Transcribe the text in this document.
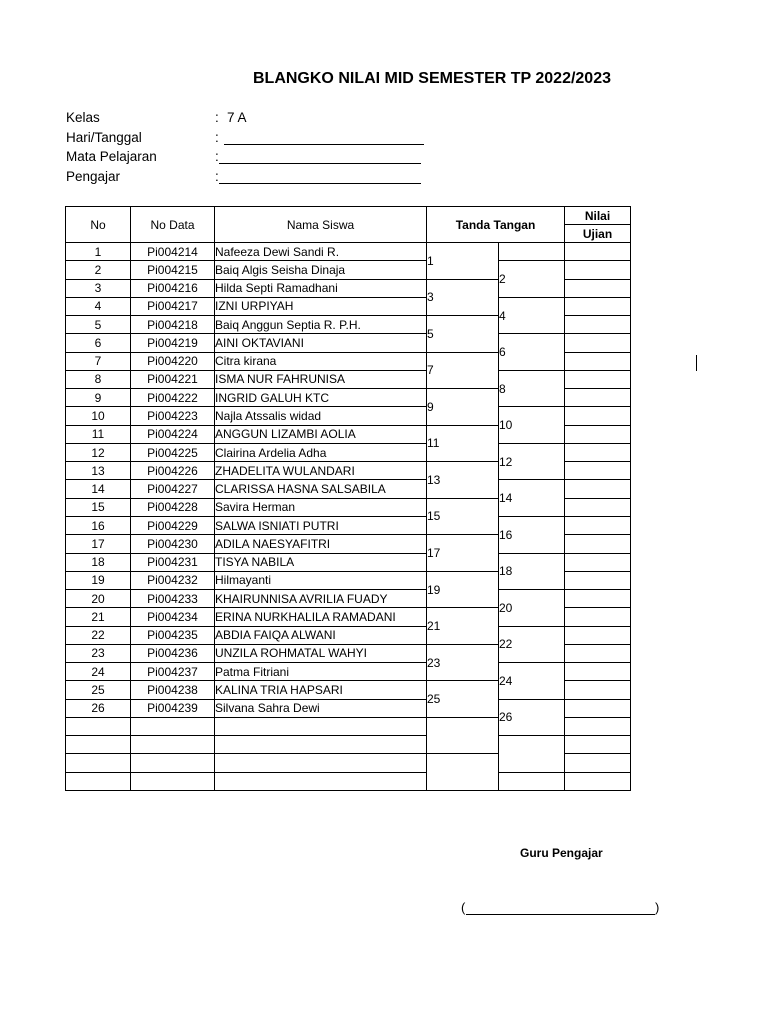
BLANGKO NILAI MID SEMESTER TP 2022/2023
Kelas	: 7 A
Hari/Tanggal	:
Mata Pelajaran	:
Pengajar	:
No	No Data	Nama Siswa	Tanda Tangan		Nilai
					Ujian
1	Pi004214	Nafeeza Dewi Sandi R.	1		
2	Pi004215	Baiq Algis Seisha Dinaja		2	
3	Pi004216	Hilda Septi Ramadhani	3		
4	Pi004217	IZNI URPIYAH		4	
5	Pi004218	Baiq Anggun Septia R. P.H.	5		
6	Pi004219	AINI OKTAVIANI		6	
7	Pi004220	Citra kirana	7		
8	Pi004221	ISMA NUR FAHRUNISA		8	
9	Pi004222	INGRID GALUH KTC	9		
10	Pi004223	Najla Atssalis widad		10	
11	Pi004224	ANGGUN LIZAMBI AOLIA	11		
12	Pi004225	Clairina Ardelia Adha		12	
13	Pi004226	ZHADELITA WULANDARI	13		
14	Pi004227	CLARISSA HASNA SALSABILA		14	
15	Pi004228	Savira Herman	15		
16	Pi004229	SALWA ISNIATI PUTRI		16	
17	Pi004230	ADILA NAESYAFITRI	17		
18	Pi004231	TISYA NABILA		18	
19	Pi004232	Hilmayanti	19		
20	Pi004233	KHAIRUNNISA AVRILIA FUADY		20	
21	Pi004234	ERINA NURKHALILA RAMADANI	21		
22	Pi004235	ABDIA FAIQA ALWANI		22	
23	Pi004236	UNZILA ROHMATAL WAHYI	23		
24	Pi004237	Patma Fitriani		24	
25	Pi004238	KALINA TRIA HAPSARI	25		
26	Pi004239	Silvana Sahra Dewi		26	

Guru Pengajar
(	)
